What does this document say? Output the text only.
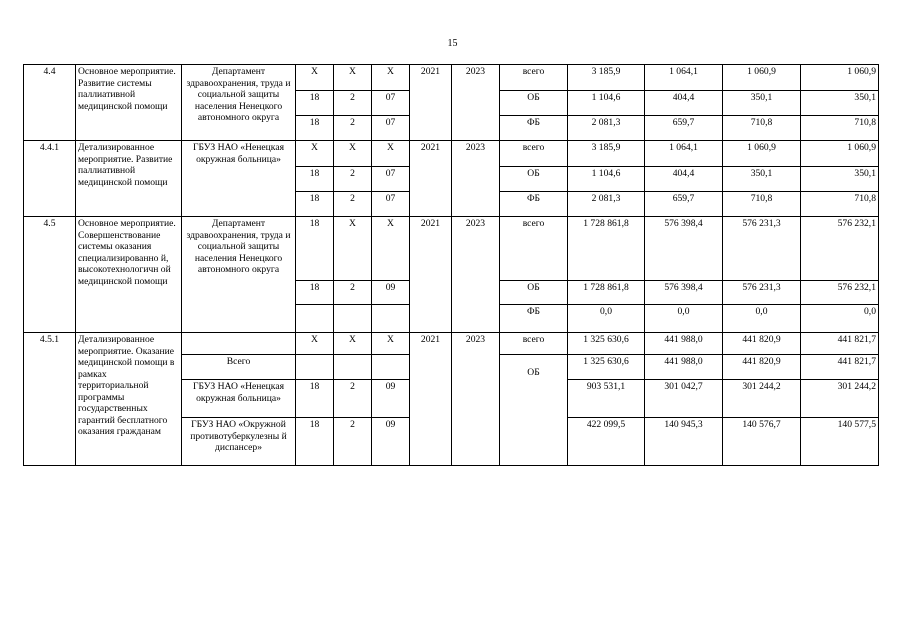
15
4.4	Основное мероприятие. Развитие системы паллиативной медицинской помощи	Департамент здравоохранения, труда и социальной защиты населения Ненецкого автономного округа	Х	Х	Х	2021	2023	всего	3 185,9	1 064,1	1 060,9	1 060,9
			18	2	07			ОБ	1 104,6	404,4	350,1	350,1
			18	2	07			ФБ	2 081,3	659,7	710,8	710,8
4.4.1	Детализированное мероприятие. Развитие паллиативной медицинской помощи	ГБУЗ НАО «Ненецкая окружная больница»	Х	Х	Х	2021	2023	всего	3 185,9	1 064,1	1 060,9	1 060,9
			18	2	07			ОБ	1 104,6	404,4	350,1	350,1
			18	2	07			ФБ	2 081,3	659,7	710,8	710,8
4.5	Основное мероприятие. Совершенствование системы оказания специализированно й, высокотехнологичн ой медицинской помощи	Департамент здравоохранения, труда и социальной защиты населения Ненецкого автономного округа	18	Х	Х	2021	2023	всего	1 728 861,8	576 398,4	576 231,3	576 232,1
			18	2	09			ОБ	1 728 861,8	576 398,4	576 231,3	576 232,1
								ФБ	0,0	0,0	0,0	0,0
4.5.1	Детализированное мероприятие. Оказание медицинской помощи в рамках территориальной программы государственных гарантий бесплатного оказания гражданам		Х	Х	Х	2021	2023	всего	1 325 630,6	441 988,0	441 820,9	441 821,7
		Всего						ОБ	1 325 630,6	441 988,0	441 820,9	441 821,7
		ГБУЗ НАО «Ненецкая окружная больница»	18	2	09				903 531,1	301 042,7	301 244,2	301 244,2
		ГБУЗ НАО «Окружной противотуберкулезны й диспансер»	18	2	09				422 099,5	140 945,3	140 576,7	140 577,5
